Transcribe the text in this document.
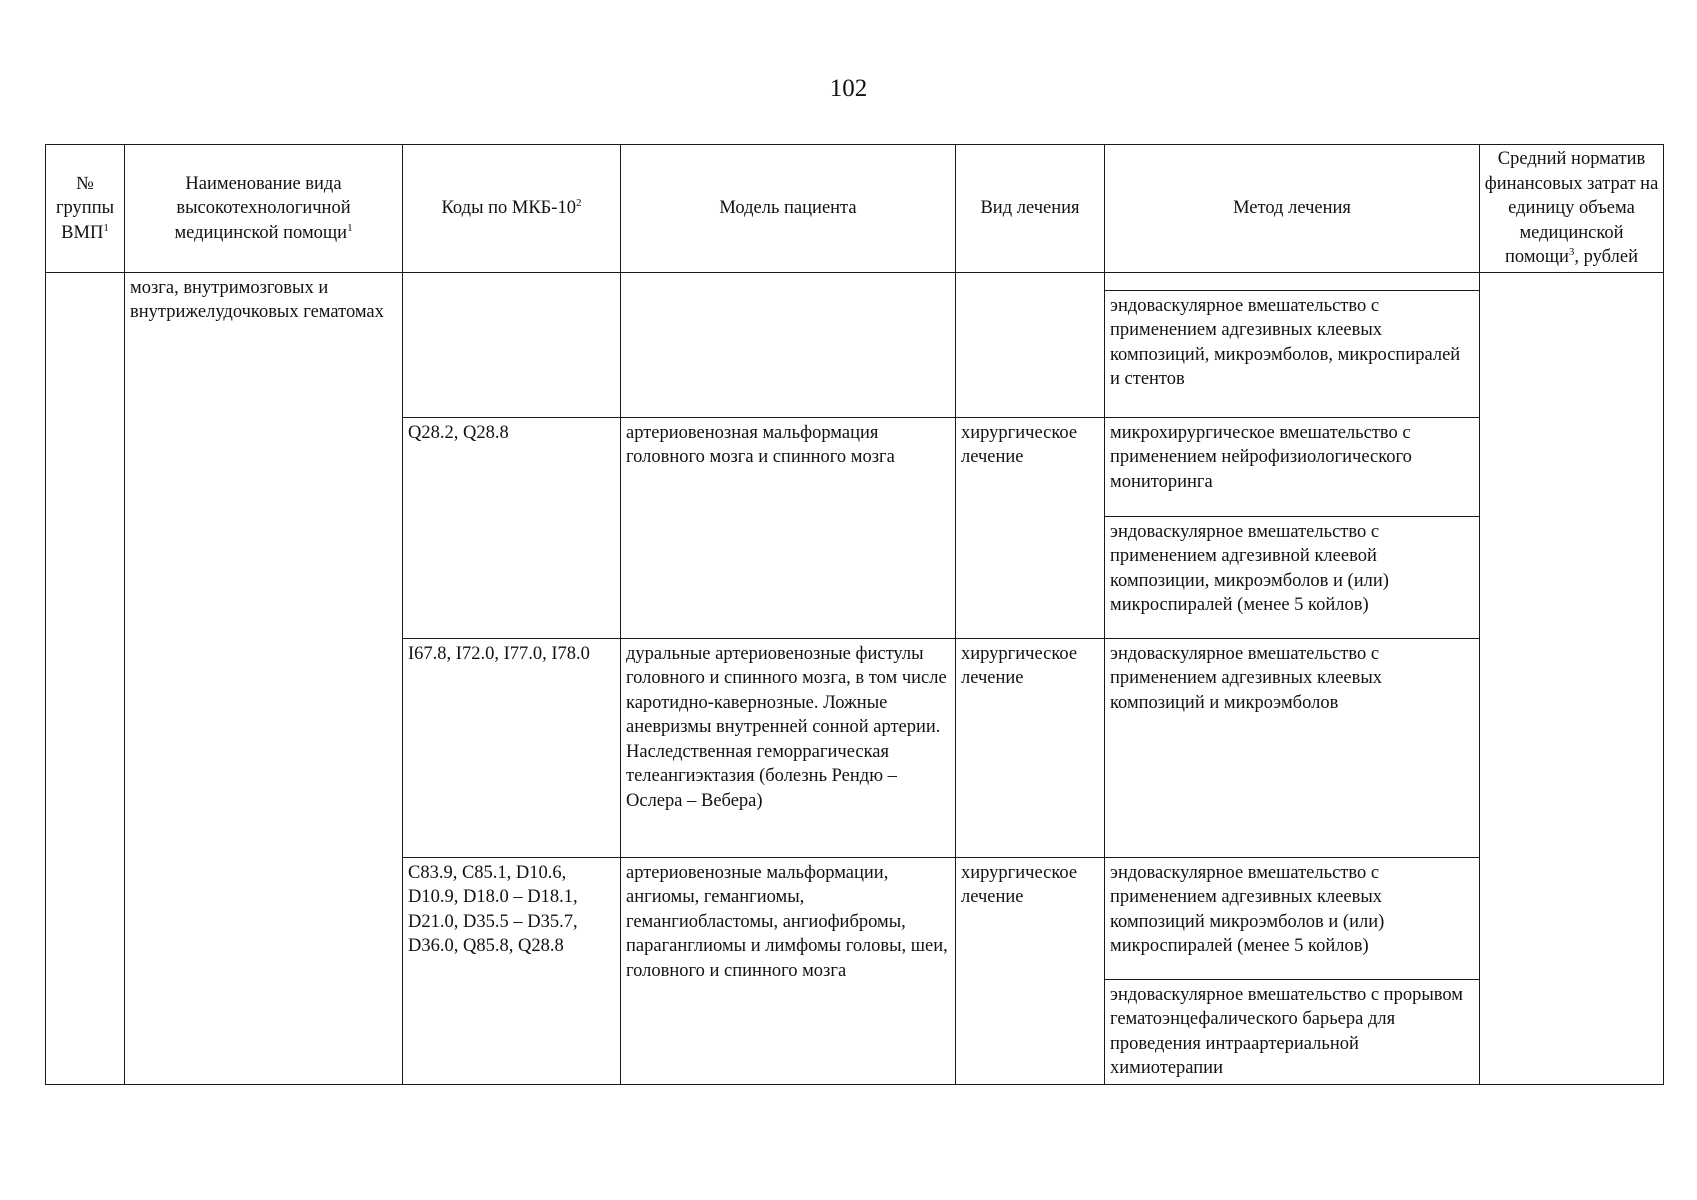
102
№ группы ВМП$^1$	Наименование вида высокотехнологичной медицинской помощи$^1$	Коды по МКБ-$10^2$	Модель пациента	Вид лечения	Метод лечения	Средний норматив финансовых затрат на единицу объема медицинской помощи$^3$, рублей
	мозга, внутримозговых и внутрижелудочковых гематомах					
					эндоваскулярное вмешательство с применением адгезивных клеевых композиций, микроэмболов, микроспиралей и стентов	
		Q28.2, Q28.8	артериовенозная мальформация головного мозга и спинного мозга	хирургическое лечение	микрохирургическое вмешательство с применением нейрофизиологического мониторинга	
					эндоваскулярное вмешательство с применением адгезивной клеевой композиции, микроэмболов и (или) микроспиралей (менее 5 койлов)	
		I67.8, I72.0, I77.0, I78.0	дуральные артериовенозные фистулы головного и спинного мозга, в том числе каротидно-кавернозные. Ложные аневризмы внутренней сонной артерии. Наследственная геморрагическая телеангиэктазия (болезнь Рендю – Ослера – Вебера)	хирургическое лечение	эндоваскулярное вмешательство с применением адгезивных клеевых композиций и микроэмболов	
		C83.9, C85.1, D10.6, D10.9, D18.0 – D18.1, D21.0, D35.5 – D35.7, D36.0, Q85.8, Q28.8	артериовенозные мальформации, ангиомы, гемангиомы, гемангиобластомы, ангиофибромы, параганглиомы и лимфомы головы, шеи, головного и спинного мозга	хирургическое лечение	эндоваскулярное вмешательство с применением адгезивных клеевых композиций микроэмболов и (или) микроспиралей (менее 5 койлов)	
					эндоваскулярное вмешательство с прорывом гематоэнцефалического барьера для проведения интраартериальной химиотерапии	
